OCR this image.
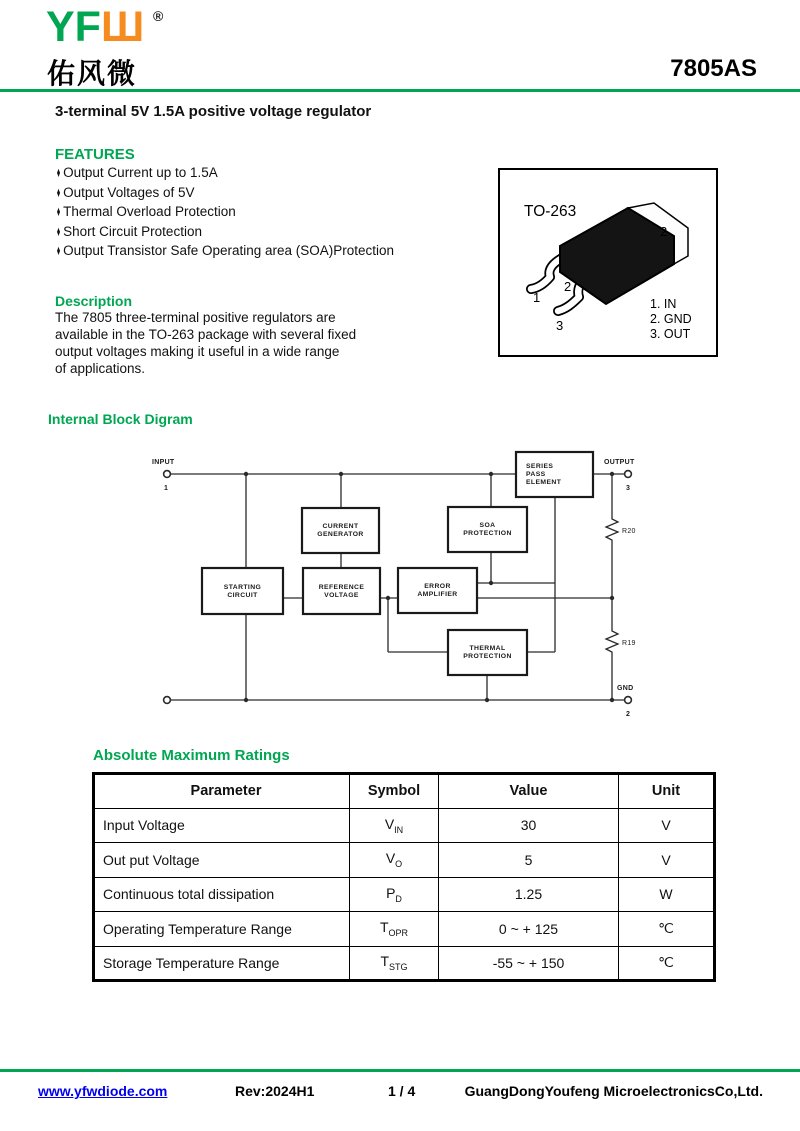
YFШ ®
佑风微	7805AS
3-terminal 5V 1.5A positive voltage regulator
FEATURES
♦ Output Current up to 1.5A
♦ Output Voltages of 5V
♦ Thermal Overload Protection
♦ Short Circuit Protection
♦ Output Transistor Safe Operating area (SOA)Protection
TO-263
2
1
2
3
1. IN
2. GND
3. OUT
Description
The 7805 three-terminal positive regulators are
available in the TO-263 package with several fixed
output voltages making it useful in a wide range
of applications.
Internal Block Digram
SERIES
PASS
ELEMENT
CURRENT
GENERATOR
SOA
PROTECTION
STARTING
CIRCUIT
REFERENCE
VOLTAGE
ERROR
AMPLIFIER
THERMAL
PROTECTION
INPUT
1
OUTPUT
3
GND
2
R20
R19
Absolute Maximum Ratings
Parameter	Symbol	Value	Unit
Input Voltage	$V_{IN}$	30	V
Out put Voltage	$V_O$	5	V
Continuous total dissipation	$P_D$	1.25	W
Operating Temperature Range	$T_{OPR}$	0 ~ + 125	℃
Storage Temperature Range	$T_{STG}$	-55 ~ + 150	℃
www.yfwdiode.com	Rev:2024H1	1 / 4	GuangDongYoufeng MicroelectronicsCo,Ltd.
